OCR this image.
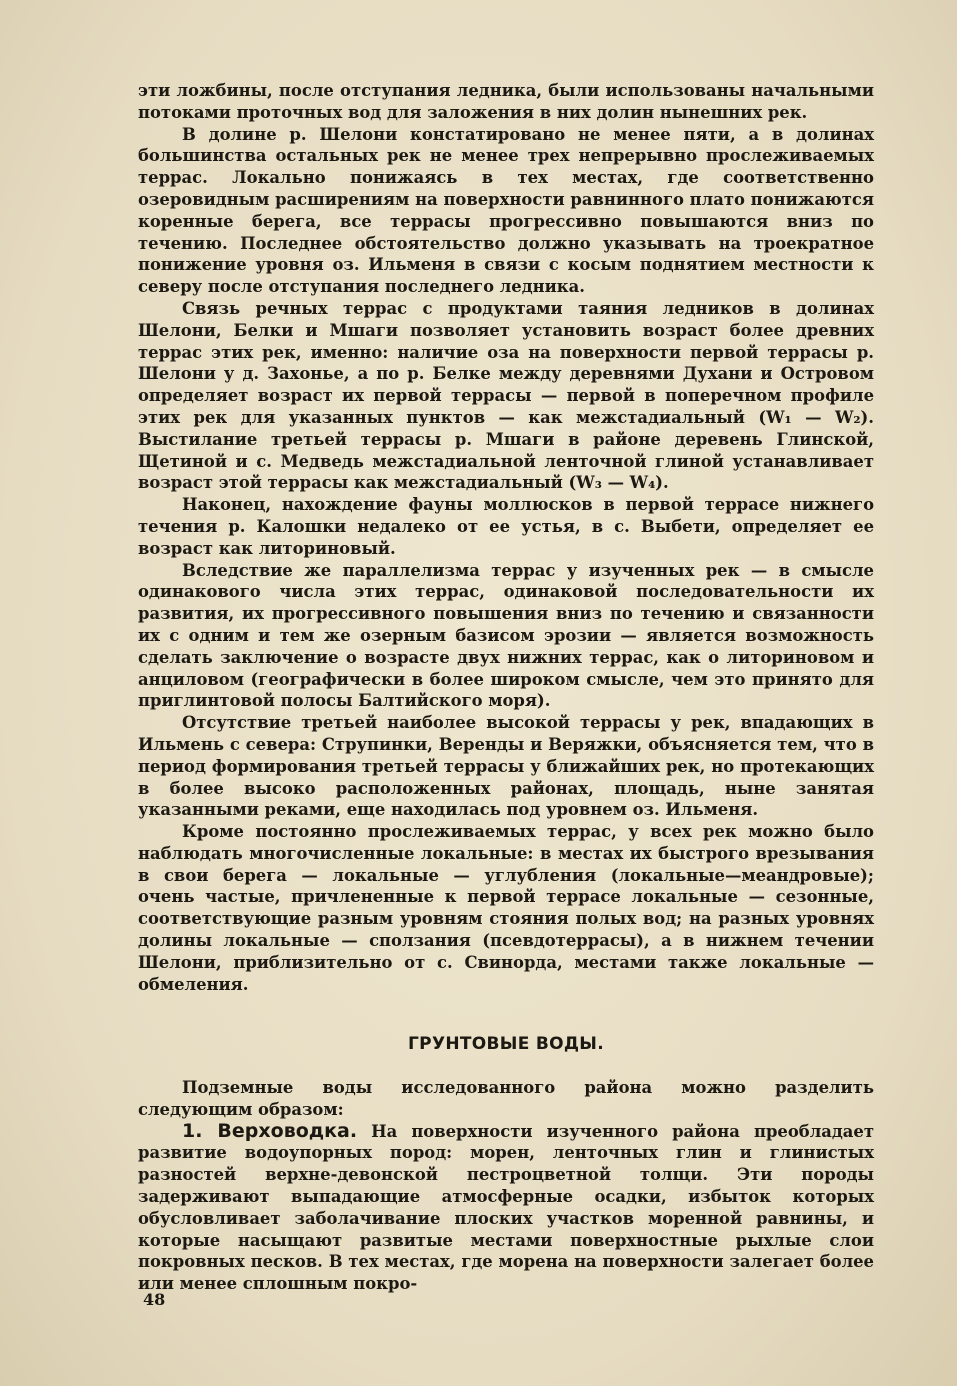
эти ложбины, после отступания ледника, были использованы начальными потоками проточных вод для заложения в них долин нынешних рек.

В долине р. Шелони констатировано не менее пяти, а в долинах большинства остальных рек не менее трех непрерывно прослеживаемых террас. Локально понижаясь в тех местах, где соответственно озеровидным расширениям на поверхности равнинного плато понижаются коренные берега, все террасы прогрессивно повышаются вниз по течению. Последнее обстоятельство должно указывать на троекратное понижение уровня оз. Ильменя в связи с косым поднятием местности к северу после отступания последнего ледника.

Связь речных террас с продуктами таяния ледников в долинах Шелони, Белки и Мшаги позволяет установить возраст более древних террас этих рек, именно: наличие оза на поверхности первой террасы р. Шелони у д. Захонье, а по р. Белке между деревнями Духани и Островом определяет возраст их первой террасы — первой в поперечном профиле этих рек для указанных пунктов — как межстадиальный (W₁ — W₂). Выстилание третьей террасы р. Мшаги в районе деревень Глинской, Щетиной и с. Медведь межстадиальной ленточной глиной устанавливает возраст этой террасы как межстадиальный (W₃ — W₄).

Наконец, нахождение фауны моллюсков в первой террасе нижнего течения р. Калошки недалеко от ее устья, в с. Выбети, определяет ее возраст как литориновый.

Вследствие же параллелизма террас у изученных рек — в смысле одинакового числа этих террас, одинаковой последовательности их развития, их прогрессивного повышения вниз по течению и связанности их с одним и тем же озерным базисом эрозии — является возможность сделать заключение о возрасте двух нижних террас, как о литориновом и анциловом (географически в более широком смысле, чем это принято для приглинтовой полосы Балтийского моря).

Отсутствие третьей наиболее высокой террасы у рек, впадающих в Ильмень с севера: Струпинки, Веренды и Веряжки, объясняется тем, что в период формирования третьей террасы у ближайших рек, но протекающих в более высоко расположенных районах, площадь, ныне занятая указанными реками, еще находилась под уровнем оз. Ильменя.

Кроме постоянно прослеживаемых террас, у всех рек можно было наблюдать многочисленные локальные: в местах их быстрого врезывания в свои берега — локальные — углубления (локальные—меандровые); очень частые, причлененные к первой террасе локальные — сезонные, соответствующие разным уровням стояния полых вод; на разных уровнях долины локальные — сползания (псевдотеррасы), а в нижнем течении Шелони, приблизительно от с. Свинорда, местами также локальные — обмеления.

ГРУНТОВЫЕ ВОДЫ.

Подземные воды исследованного района можно разделить следующим образом:

1. Верховодка. На поверхности изученного района преобладает развитие водоупорных пород: морен, ленточных глин и глинистых разностей верхне-девонской пестроцветной толщи. Эти породы задерживают выпадающие атмосферные осадки, избыток которых обусловливает заболачивание плоских участков моренной равнины, и которые насыщают развитые местами поверхностные рыхлые слои покровных песков. В тех местах, где морена на поверхности залегает более или менее сплошным покро-

48
